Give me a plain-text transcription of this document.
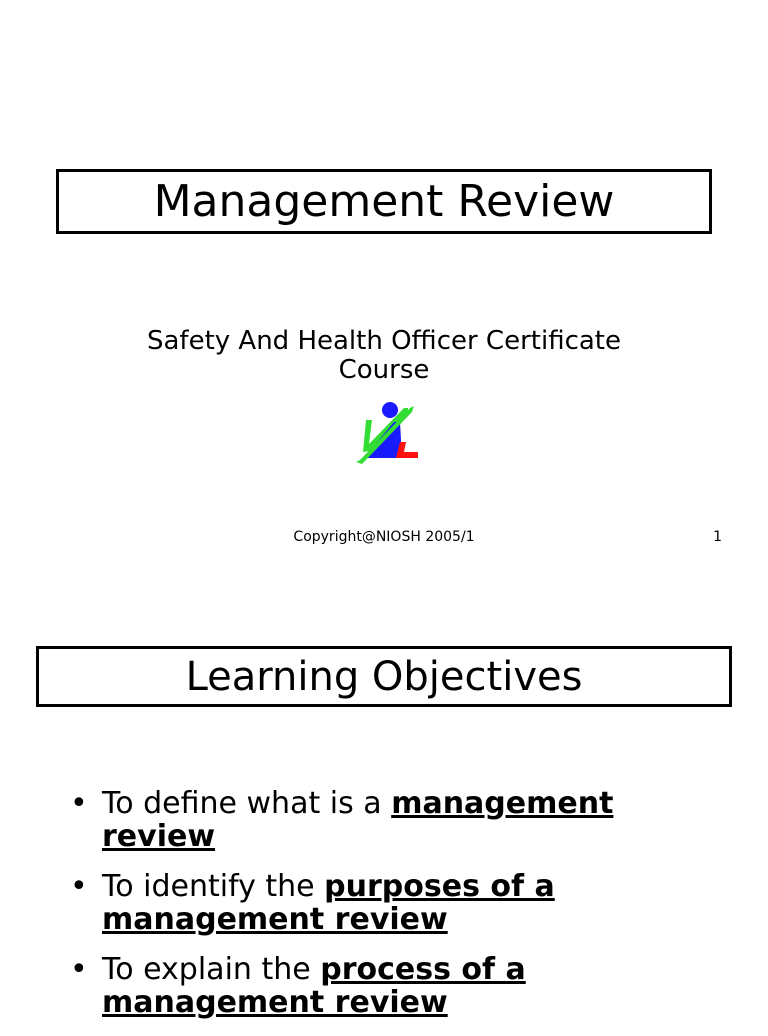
Management Review
Safety And Health Officer Certificate
Course
Copyright@NIOSH 2005/1	1
Learning Objectives
• To define what is a management review
• To identify the purposes of a management review
• To explain the process of a management review
